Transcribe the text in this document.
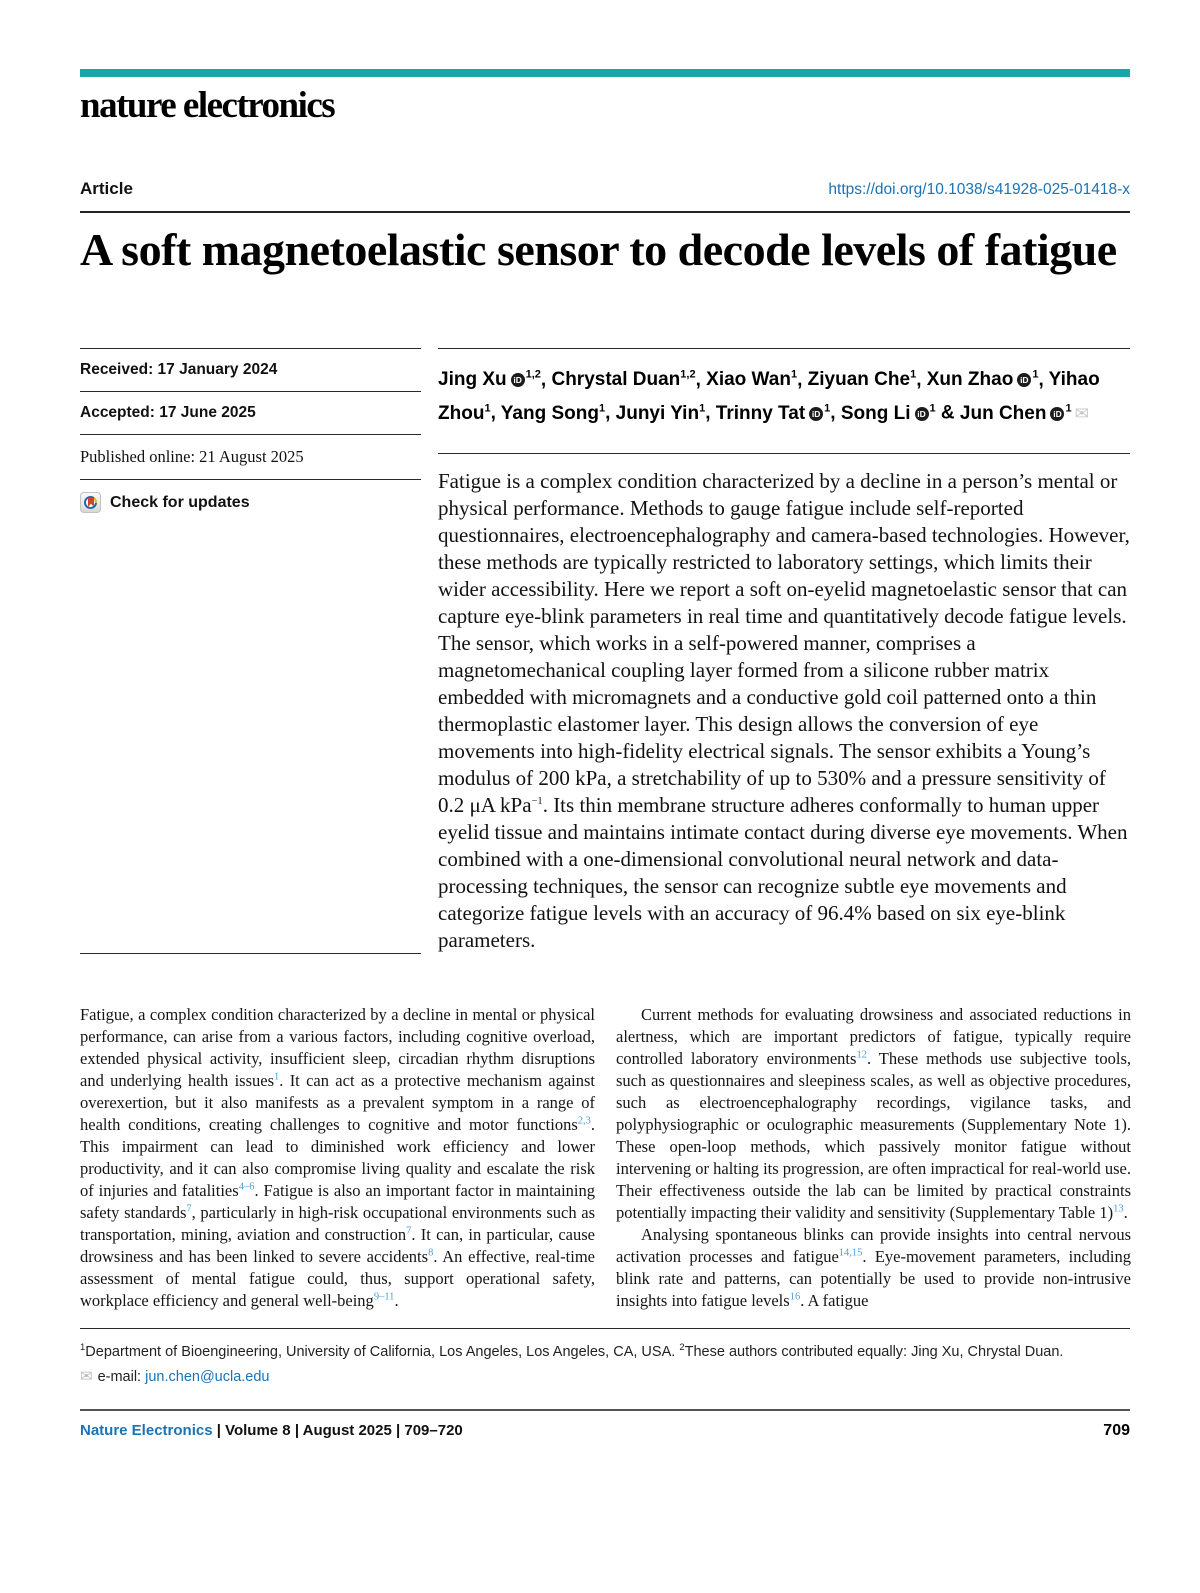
nature electronics
Article	https://doi.org/10.1038/s41928-025-01418-x
A soft magnetoelastic sensor to decode levels of fatigue
Received: 17 January 2024
Accepted: 17 June 2025
Published online: 21 August 2025
Check for updates
Jing Xu iD $^{1,2}$, Chrystal Duan$^{1,2}$, Xiao Wan$^1$, Ziyuan Che$^1$, Xun Zhao iD $^1$, Yihao Zhou$^1$, Yang Song$^1$, Junyi Yin$^1$, Trinny Tat iD $^1$, Song Li iD $^1$ & Jun Chen iD $^1$ ✉
Fatigue is a complex condition characterized by a decline in a person’s mental or physical performance. Methods to gauge fatigue include self-reported questionnaires, electroencephalography and camera-based technologies. However, these methods are typically restricted to laboratory settings, which limits their wider accessibility. Here we report a soft on-eyelid magnetoelastic sensor that can capture eye-blink parameters in real time and quantitatively decode fatigue levels. The sensor, which works in a self-powered manner, comprises a magnetomechanical coupling layer formed from a silicone rubber matrix embedded with micromagnets and a conductive gold coil patterned onto a thin thermoplastic elastomer layer. This design allows the conversion of eye movements into high-fidelity electrical signals. The sensor exhibits a Young’s modulus of 200 kPa, a stretchability of up to 530% and a pressure sensitivity of 0.2 μA kPa$^{-1}$. Its thin membrane structure adheres conformally to human upper eyelid tissue and maintains intimate contact during diverse eye movements. When combined with a one-dimensional convolutional neural network and data-processing techniques, the sensor can recognize subtle eye movements and categorize fatigue levels with an accuracy of 96.4% based on six eye-blink parameters.

Fatigue, a complex condition characterized by a decline in mental or physical performance, can arise from a various factors, including cognitive overload, extended physical activity, insufficient sleep, circadian rhythm disruptions and underlying health issues$^1$. It can act as a protective mechanism against overexertion, but it also manifests as a prevalent symptom in a range of health conditions, creating challenges to cognitive and motor functions$^{2,3}$. This impairment can lead to diminished work efficiency and lower productivity, and it can also compromise living quality and escalate the risk of injuries and fatalities$^{4-6}$. Fatigue is also an important factor in maintaining safety standards$^7$, particularly in high-risk occupational environments such as transportation, mining, aviation and construction$^7$. It can, in particular, cause drowsiness and has been linked to severe accidents$^8$. An effective, real-time assessment of mental fatigue could, thus, support operational safety, workplace efficiency and general well-being$^{9-11}$.

Current methods for evaluating drowsiness and associated reductions in alertness, which are important predictors of fatigue, typically require controlled laboratory environments$^{12}$. These methods use subjective tools, such as questionnaires and sleepiness scales, as well as objective procedures, such as electroencephalography recordings, vigilance tasks, and polyphysiographic or oculographic measurements (Supplementary Note 1). These open-loop methods, which passively monitor fatigue without intervening or halting its progression, are often impractical for real-world use. Their effectiveness outside the lab can be limited by practical constraints potentially impacting their validity and sensitivity (Supplementary Table 1)$^{13}$.

Analysing spontaneous blinks can provide insights into central nervous activation processes and fatigue$^{14,15}$. Eye-movement parameters, including blink rate and patterns, can potentially be used to provide non-intrusive insights into fatigue levels$^{16}$. A fatigue

$^1$Department of Bioengineering, University of California, Los Angeles, Los Angeles, CA, USA. $^2$These authors contributed equally: Jing Xu, Chrystal Duan.

✉ e-mail: jun.chen@ucla.edu

Nature Electronics | Volume 8 | August 2025 | 709–720	709
